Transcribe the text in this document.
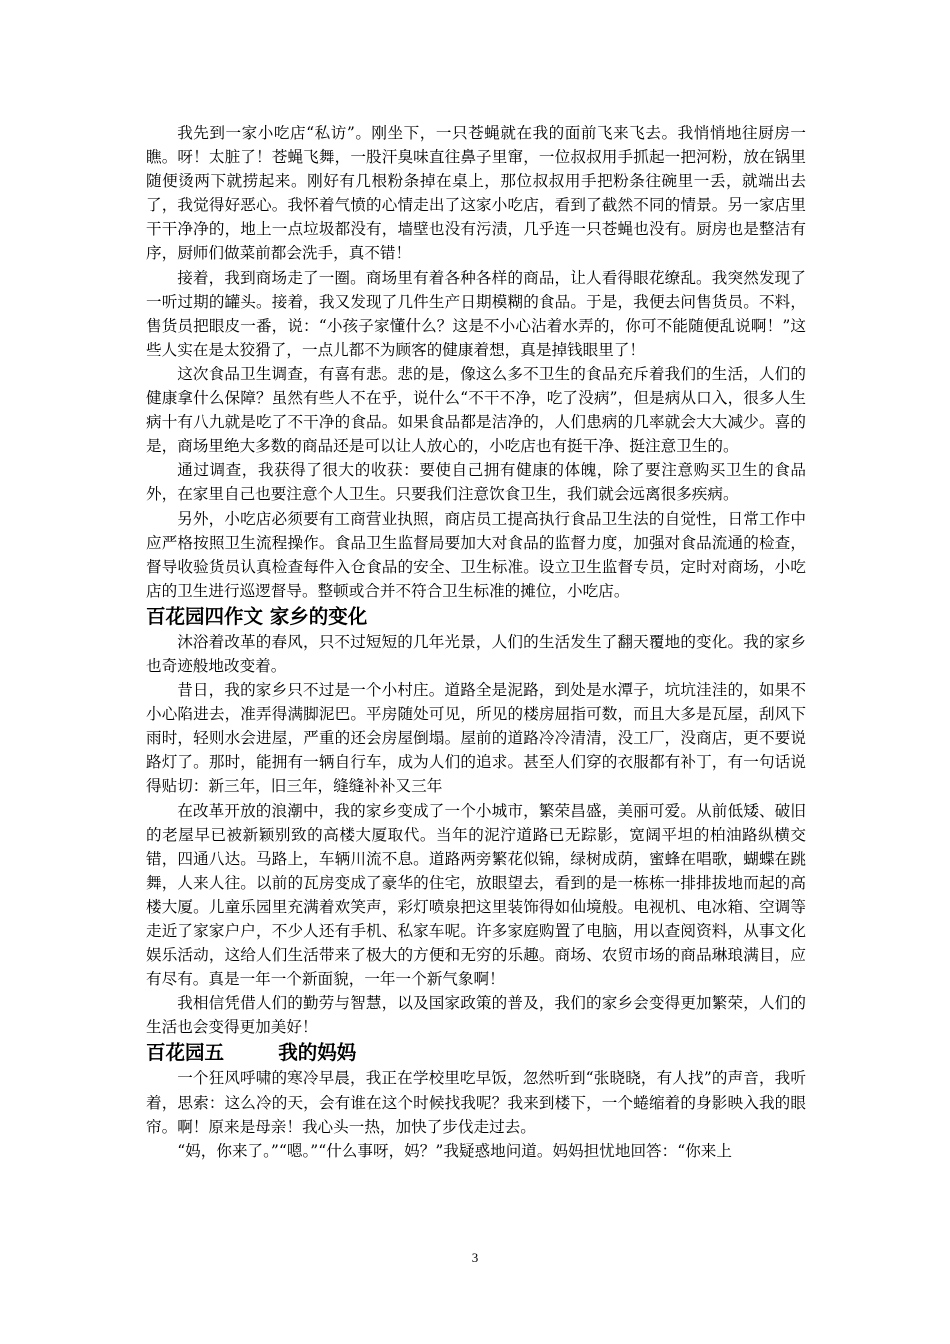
我先到一家小吃店“私访”。刚坐下，一只苍蝇就在我的面前飞来飞去。我悄悄地往厨房一瞧。呀！太脏了！苍蝇飞舞，一股汗臭味直往鼻子里窜，一位叔叔用手抓起一把河粉，放在锅里随便烫两下就捞起来。刚好有几根粉条掉在桌上，那位叔叔用手把粉条往碗里一丢，就端出去了，我觉得好恶心。我怀着气愤的心情走出了这家小吃店，看到了截然不同的情景。另一家店里干干净净的，地上一点垃圾都没有，墙壁也没有污渍，几乎连一只苍蝇也没有。厨房也是整洁有序，厨师们做菜前都会洗手，真不错！

接着，我到商场走了一圈。商场里有着各种各样的商品，让人看得眼花缭乱。我突然发现了一听过期的罐头。接着，我又发现了几件生产日期模糊的食品。于是，我便去问售货员。不料，售货员把眼皮一番，说：“小孩子家懂什么？这是不小心沾着水弄的，你可不能随便乱说啊！”这些人实在是太狡猾了，一点儿都不为顾客的健康着想，真是掉钱眼里了！

这次食品卫生调查，有喜有悲。悲的是，像这么多不卫生的食品充斥着我们的生活，人们的健康拿什么保障？虽然有些人不在乎，说什么“不干不净，吃了没病”，但是病从口入，很多人生病十有八九就是吃了不干净的食品。如果食品都是洁净的，人们患病的几率就会大大减少。喜的是，商场里绝大多数的商品还是可以让人放心的，小吃店也有挺干净、挺注意卫生的。

通过调查，我获得了很大的收获：要使自己拥有健康的体魄，除了要注意购买卫生的食品外，在家里自己也要注意个人卫生。只要我们注意饮食卫生，我们就会远离很多疾病。

另外，小吃店必须要有工商营业执照，商店员工提高执行食品卫生法的自觉性，日常工作中应严格按照卫生流程操作。食品卫生监督局要加大对食品的监督力度，加强对食品流通的检查，督导收验货员认真检查每件入仓食品的安全、卫生标准。设立卫生监督专员，定时对商场，小吃店的卫生进行巡逻督导。整顿或合并不符合卫生标准的摊位，小吃店。

百花园四作文 家乡的变化

沐浴着改革的春风，只不过短短的几年光景，人们的生活发生了翻天覆地的变化。我的家乡也奇迹般地改变着。

昔日，我的家乡只不过是一个小村庄。道路全是泥路，到处是水潭子，坑坑洼洼的，如果不小心陷进去，准弄得满脚泥巴。平房随处可见，所见的楼房屈指可数，而且大多是瓦屋，刮风下雨时，轻则水会进屋，严重的还会房屋倒塌。屋前的道路冷冷清清，没工厂，没商店，更不要说路灯了。那时，能拥有一辆自行车，成为人们的追求。甚至人们穿的衣服都有补丁，有一句话说得贴切：新三年，旧三年，缝缝补补又三年

在改革开放的浪潮中，我的家乡变成了一个小城市，繁荣昌盛，美丽可爱。从前低矮、破旧的老屋早已被新颖别致的高楼大厦取代。当年的泥泞道路已无踪影，宽阔平坦的柏油路纵横交错，四通八达。马路上，车辆川流不息。道路两旁繁花似锦，绿树成荫，蜜蜂在唱歌，蝴蝶在跳舞，人来人往。以前的瓦房变成了豪华的住宅，放眼望去，看到的是一栋栋一排排拔地而起的高楼大厦。儿童乐园里充满着欢笑声，彩灯喷泉把这里装饰得如仙境般。电视机、电冰箱、空调等走近了家家户户，不少人还有手机、私家车呢。许多家庭购置了电脑，用以查阅资料，从事文化娱乐活动，这给人们生活带来了极大的方便和无穷的乐趣。商场、农贸市场的商品琳琅满目，应有尽有。真是一年一个新面貌，一年一个新气象啊！

我相信凭借人们的勤劳与智慧，以及国家政策的普及，我们的家乡会变得更加繁荣，人们的生活也会变得更加美好！

百花园五        我的妈妈

一个狂风呼啸的寒冷早晨，我正在学校里吃早饭，忽然听到“张晓晓，有人找”的声音，我听着，思索：这么冷的天，会有谁在这个时候找我呢？我来到楼下，一个蜷缩着的身影映入我的眼帘。啊！原来是母亲！我心头一热，加快了步伐走过去。

“妈，你来了。”“嗯。”“什么事呀，妈？”我疑惑地问道。妈妈担忧地回答：“你来上

3
